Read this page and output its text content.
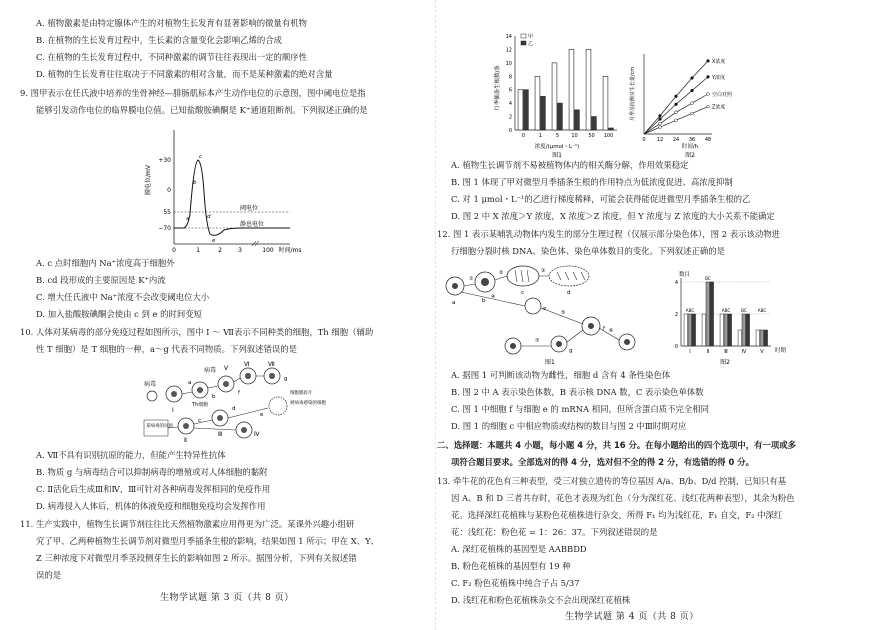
A. 植物激素是由特定腺体产生的对植物生长发育有显著影响的微量有机物
B. 在植物的生长发育过程中，生长素的含量变化会影响乙烯的合成
C. 在植物的生长发育过程中，不同种激素的调节往往表现出一定的顺序性
D. 植物的生长发育往往取决于不同激素的相对含量，而不是某种激素的绝对含量
9. 图甲表示在任氏液中培养的坐骨神经—腓肠肌标本产生动作电位的示意图，图中阈电位是指
能够引发动作电位的临界膜电位值。已知盐酸胺碘酮是 K⁺通道阻断剂。下列叙述正确的是
膜电位/mV
+30
0
55
−70
阈电位
静息电位
a
b
c
d
e
0	1	2	3	100 时间/ms
A. c 点时细胞内 Na⁺浓度高于细胞外
B. cd 段形成的主要原因是 K⁺内流
C. 增大任氏液中 Na⁺浓度不会改变阈电位大小
D. 加入盐酸胺碘酮会使由 c 到 e 的时间变短
10. 人体对某病毒的部分免疫过程如图所示，图中 I ～ Ⅶ表示不同种类的细胞，Th 细胞（辅助
性 T 细胞）是 T 细胞的一种，a～g 代表不同物质。下列叙述错误的是
病毒
Ⅰ
a
Th细胞
病毒 Ⅴ
Ⅵ	Ⅶ
g
f
b
某病毒的抗原
Ⅱ
c
Ⅲ	Ⅳ
d
e
被病毒感染的细胞
细胞膜碎片
A. Ⅶ不具有识别抗原的能力，但能产生特异性抗体
B. 物质 g 与病毒结合可以抑制病毒的增殖或对人体细胞的黏附
C. Ⅱ活化后生成Ⅲ和Ⅳ，Ⅲ可针对各种病毒发挥相同的免疫作用
D. 病毒侵入人体后，机体的体液免疫和细胞免疫均会发挥作用
11. 生产实践中，植物生长调节剂往往比天然植物激素应用得更为广泛。某课外兴趣小组研
究了甲、乙两种植物生长调节剂对微型月季插条生根的影响，结果如图 1 所示；甲在 X、Y、
Z 三种浓度下对微型月季茎段侧芽生长的影响如图 2 所示。据图分析，下列有关叙述错
误的是
生物学试题 第 3 页（共 8 页）
月季插条生根数/条
0
2
4
6
8
10
12
14
0	1	5 10 50 100
甲
乙
浓度/(μmol・L⁻¹)
图1
月季茎段侧芽生长量/cm
0 12 24 36 48
X浓度
Y浓度
空白对照
Z浓度
时间/h
图2
A. 植物生长调节剂不易被植物体内的相关酶分解，作用效果稳定
B. 图 1 体现了甲对微型月季插条生根的作用特点为低浓度促进、高浓度抑制
C. 对 1 μmol・L⁻¹的乙进行梯度稀释，可能会获得能促进微型月季插条生根的乙
D. 图 2 中 X 浓度＞Y 浓度，X 浓度＞Z 浓度，但 Y 浓度与 Z 浓度的大小关系不能确定
12. 图 1 表示某哺乳动物体内发生的部分生理过程（仅展示部分染色体），图 2 表示该动物进
行细胞分裂时核 DNA、染色体、染色单体数目的变化。下列叙述正确的是
a	b
c	d
e
f
g
①
②	③
④
⑤
⑥
⑦
图1
数目
0
2
4
Ⅰ	Ⅱ	Ⅲ	Ⅳ	Ⅴ
ABC
BC
ABC	BC	ABC
时期
图2
A. 据图 1 可判断该动物为雌性，细胞 d 含有 4 条性染色体
B. 图 2 中 A 表示染色体数，B 表示核 DNA 数，C 表示染色单体数
C. 图 1 中细胞 f 与细胞 e 的 mRNA 相同，但所含蛋白质不完全相同
D. 图 1 的细胞 c 中相应物质或结构的数目与图 2 中Ⅲ时期对应
二、选择题：本题共 4 小题，每小题 4 分，共 16 分。在每小题给出的四个选项中，有一项或多
项符合题目要求。全部选对的得 4 分，选对但不全的得 2 分，有选错的得 0 分。
13. 牵牛花的花色有三种表型，受三对独立遗传的等位基因 A/a、B/b、D/d 控制，已知只有基
因 A、B 和 D 三者共存时，花色才表现为红色（分为深红花、浅红花两种表型），其余为粉色
花。选择深红花植株与某粉色花植株进行杂交，所得 F₁ 均为浅红花，F₁ 自交，F₂ 中深红
花：浅红花：粉色花 = 1：26：37。下列叙述错误的是
A. 深红花植株的基因型是 AABBDD
B. 粉色花植株的基因型有 19 种
C. F₂ 粉色花植株中纯合子占 5/37
D. 浅红花和粉色花植株杂交不会出现深红花植株
生物学试题 第 4 页（共 8 页）
